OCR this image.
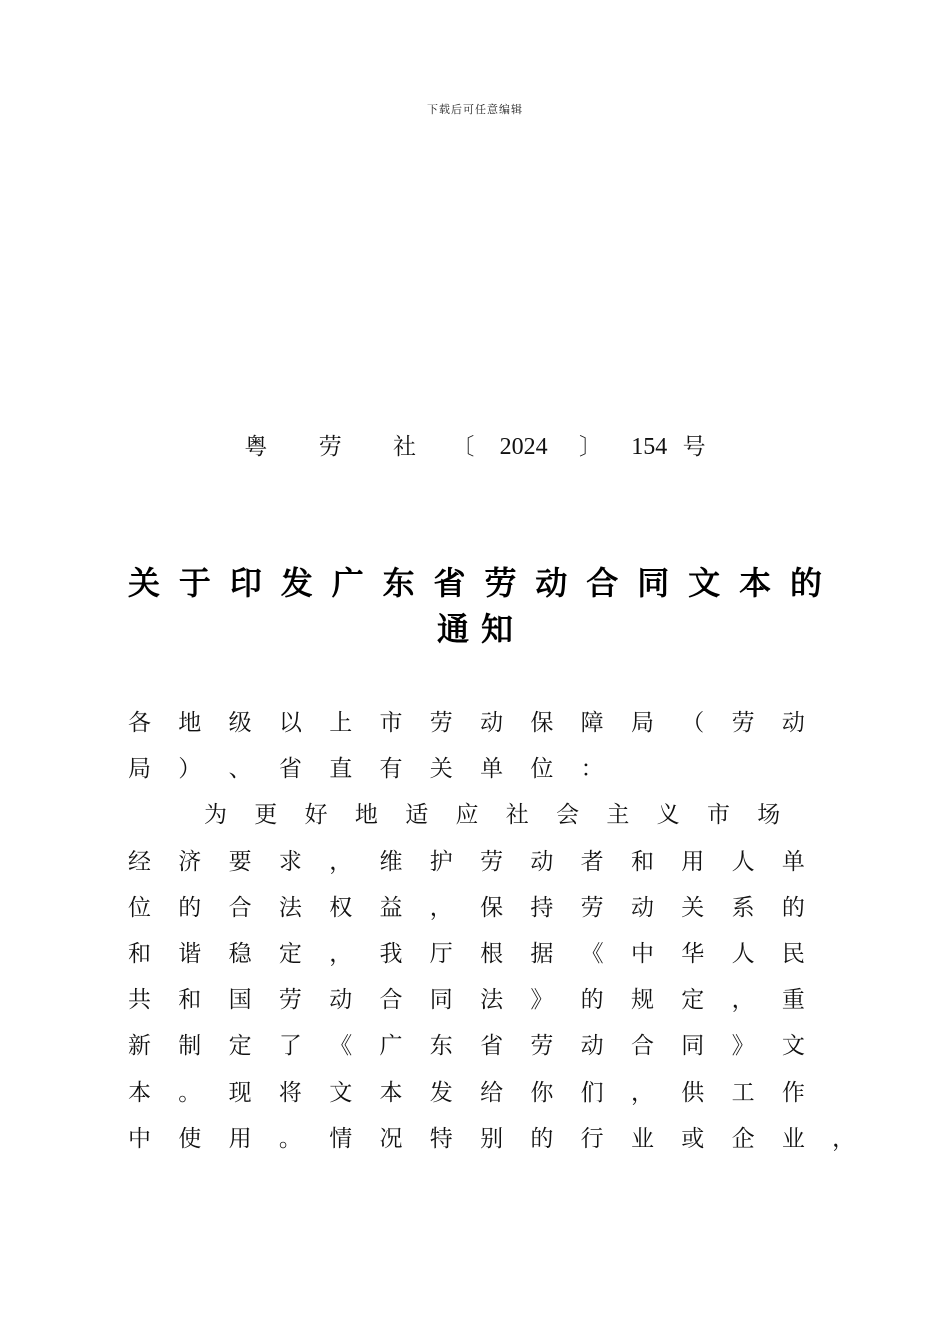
下载后可任意编辑
粤 劳 社 〔 2024 〕 154 号
关 于 印 发 广 东 省 劳 动 合 同 文 本 的
通知
各	地	级	以	上	市	劳	动	保	障	局	（	劳	动
局	）	、	省	直	有	关	单	位	：
为	更	好	地	适	应	社	会	主	义	市	场
经	济	要	求	，	维	护	劳	动	者	和	用	人	单
位	的	合	法	权	益	，	保	持	劳	动	关	系	的
和	谐	稳	定	，	我	厅	根	据	《	中	华	人	民
共	和	国	劳	动	合	同	法	》	的	规	定	，	重
新	制	定	了	《	广	东	省	劳	动	合	同	》	文
本	。	现	将	文	本	发	给	你	们	，	供	工	作
中	使	用	。	情	况	特	别	的	行	业	或	企	业	，
